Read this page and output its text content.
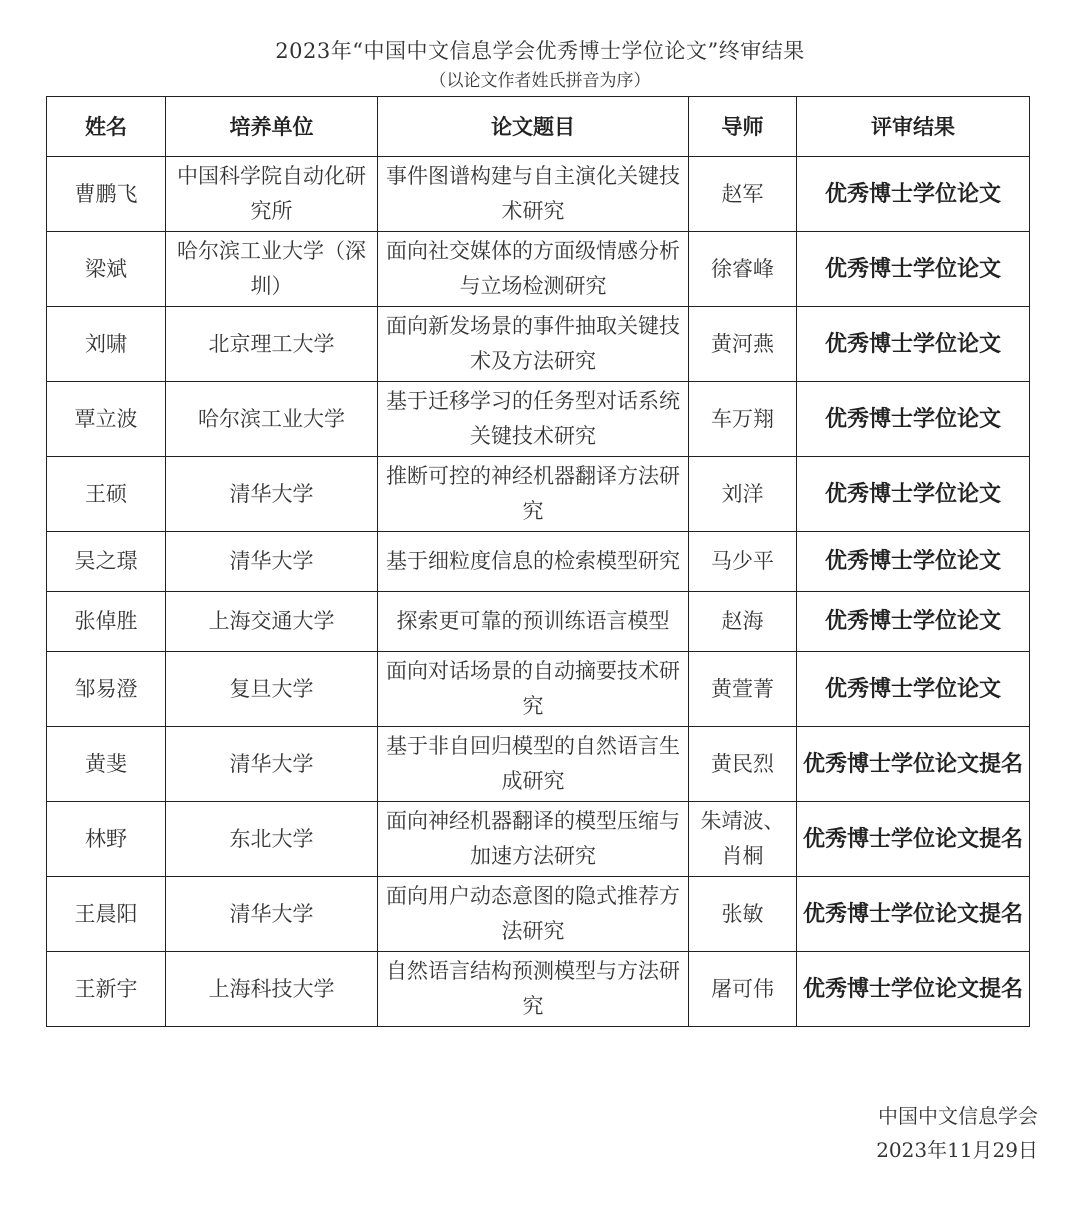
2023年“中国中文信息学会优秀博士学位论文”终审结果
（以论文作者姓氏拼音为序）
姓名	培养单位	论文题目	导师	评审结果
曹鹏飞	中国科学院自动化研究所	事件图谱构建与自主演化关键技术研究	赵军	优秀博士学位论文
梁斌	哈尔滨工业大学（深圳）	面向社交媒体的方面级情感分析与立场检测研究	徐睿峰	优秀博士学位论文
刘啸	北京理工大学	面向新发场景的事件抽取关键技术及方法研究	黄河燕	优秀博士学位论文
覃立波	哈尔滨工业大学	基于迁移学习的任务型对话系统关键技术研究	车万翔	优秀博士学位论文
王硕	清华大学	推断可控的神经机器翻译方法研究	刘洋	优秀博士学位论文
吴之璟	清华大学	基于细粒度信息的检索模型研究	马少平	优秀博士学位论文
张倬胜	上海交通大学	探索更可靠的预训练语言模型	赵海	优秀博士学位论文
邹易澄	复旦大学	面向对话场景的自动摘要技术研究	黄萱菁	优秀博士学位论文
黄斐	清华大学	基于非自回归模型的自然语言生成研究	黄民烈	优秀博士学位论文提名
林野	东北大学	面向神经机器翻译的模型压缩与加速方法研究	朱靖波、肖桐	优秀博士学位论文提名
王晨阳	清华大学	面向用户动态意图的隐式推荐方法研究	张敏	优秀博士学位论文提名
王新宇	上海科技大学	自然语言结构预测模型与方法研究	屠可伟	优秀博士学位论文提名
中国中文信息学会
2023年11月29日
